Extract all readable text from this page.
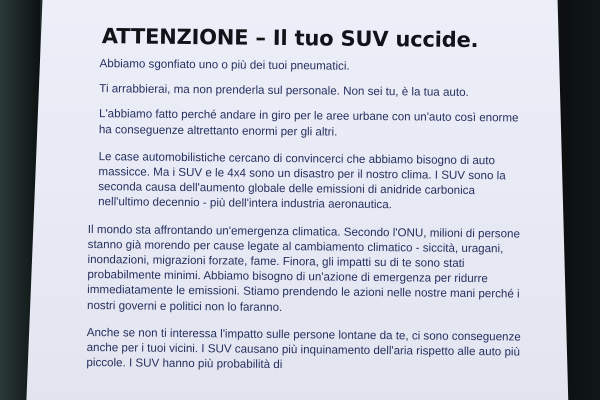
ATTENZIONE – Il tuo SUV uccide.

Abbiamo sgonfiato uno o più dei tuoi pneumatici.

Ti arrabbierai, ma non prenderla sul personale. Non sei tu, è la tua auto.

L'abbiamo fatto perché andare in giro per le aree urbane con un'auto così enorme ha conseguenze altrettanto enormi per gli altri.

Le case automobilistiche cercano di convincerci che abbiamo bisogno di auto massicce. Ma i SUV e le 4x4 sono un disastro per il nostro clima. I SUV sono la seconda causa dell'aumento globale delle emissioni di anidride carbonica nell'ultimo decennio - più dell'intera industria aeronautica.

Il mondo sta affrontando un'emergenza climatica. Secondo l'ONU, milioni di persone stanno già morendo per cause legate al cambiamento climatico - siccità, uragani, inondazioni, migrazioni forzate, fame. Finora, gli impatti su di te sono stati probabilmente minimi. Abbiamo bisogno di un'azione di emergenza per ridurre immediatamente le emissioni. Stiamo prendendo le azioni nelle nostre mani perché i nostri governi e politici non lo faranno.

Anche se non ti interessa l'impatto sulle persone lontane da te, ci sono conseguenze anche per i tuoi vicini. I SUV causano più inquinamento dell'aria rispetto alle auto più piccole. I SUV hanno più probabilità di
